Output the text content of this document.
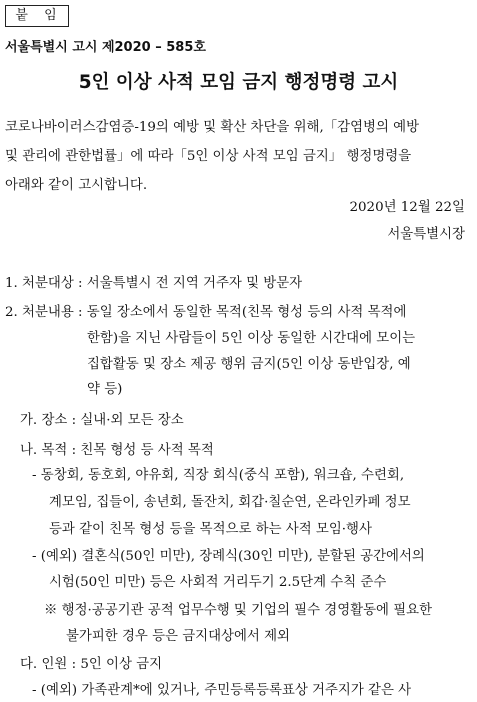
붙 임
서울특별시 고시 제2020 – 585호
5인 이상 사적 모임 금지 행정명령 고시
코로나바이러스감염증-19의 예방 및 확산 차단을 위해,「감염병의 예방
및 관리에 관한법률」에 따라「5인 이상 사적 모임 금지」 행정명령을
아래와 같이 고시합니다.
2020년 12월 22일
서울특별시장
1. 처분대상 : 서울특별시 전 지역 거주자 및 방문자
2. 처분내용 : 동일 장소에서 동일한 목적(친목 형성 등의 사적 목적에
한함)을 지닌 사람들이 5인 이상 동일한 시간대에 모이는
집합활동 및 장소 제공 행위 금지(5인 이상 동반입장, 예
약 등)
가. 장소 : 실내·외 모든 장소
나. 목적 : 친목 형성 등 사적 목적
- 동창회, 동호회, 야유회, 직장 회식(중식 포함), 워크숍, 수련회,
계모임, 집들이, 송년회, 돌잔치, 회갑·칠순연, 온라인카페 정모
등과 같이 친목 형성 등을 목적으로 하는 사적 모임·행사
- (예외) 결혼식(50인 미만), 장례식(30인 미만), 분할된 공간에서의
시험(50인 미만) 등은 사회적 거리두기 2.5단계 수칙 준수
※ 행정·공공기관 공적 업무수행 및 기업의 필수 경영활동에 필요한
불가피한 경우 등은 금지대상에서 제외
다. 인원 : 5인 이상 금지
- (예외) 가족관계*에 있거나, 주민등록등록표상 거주지가 같은 사
